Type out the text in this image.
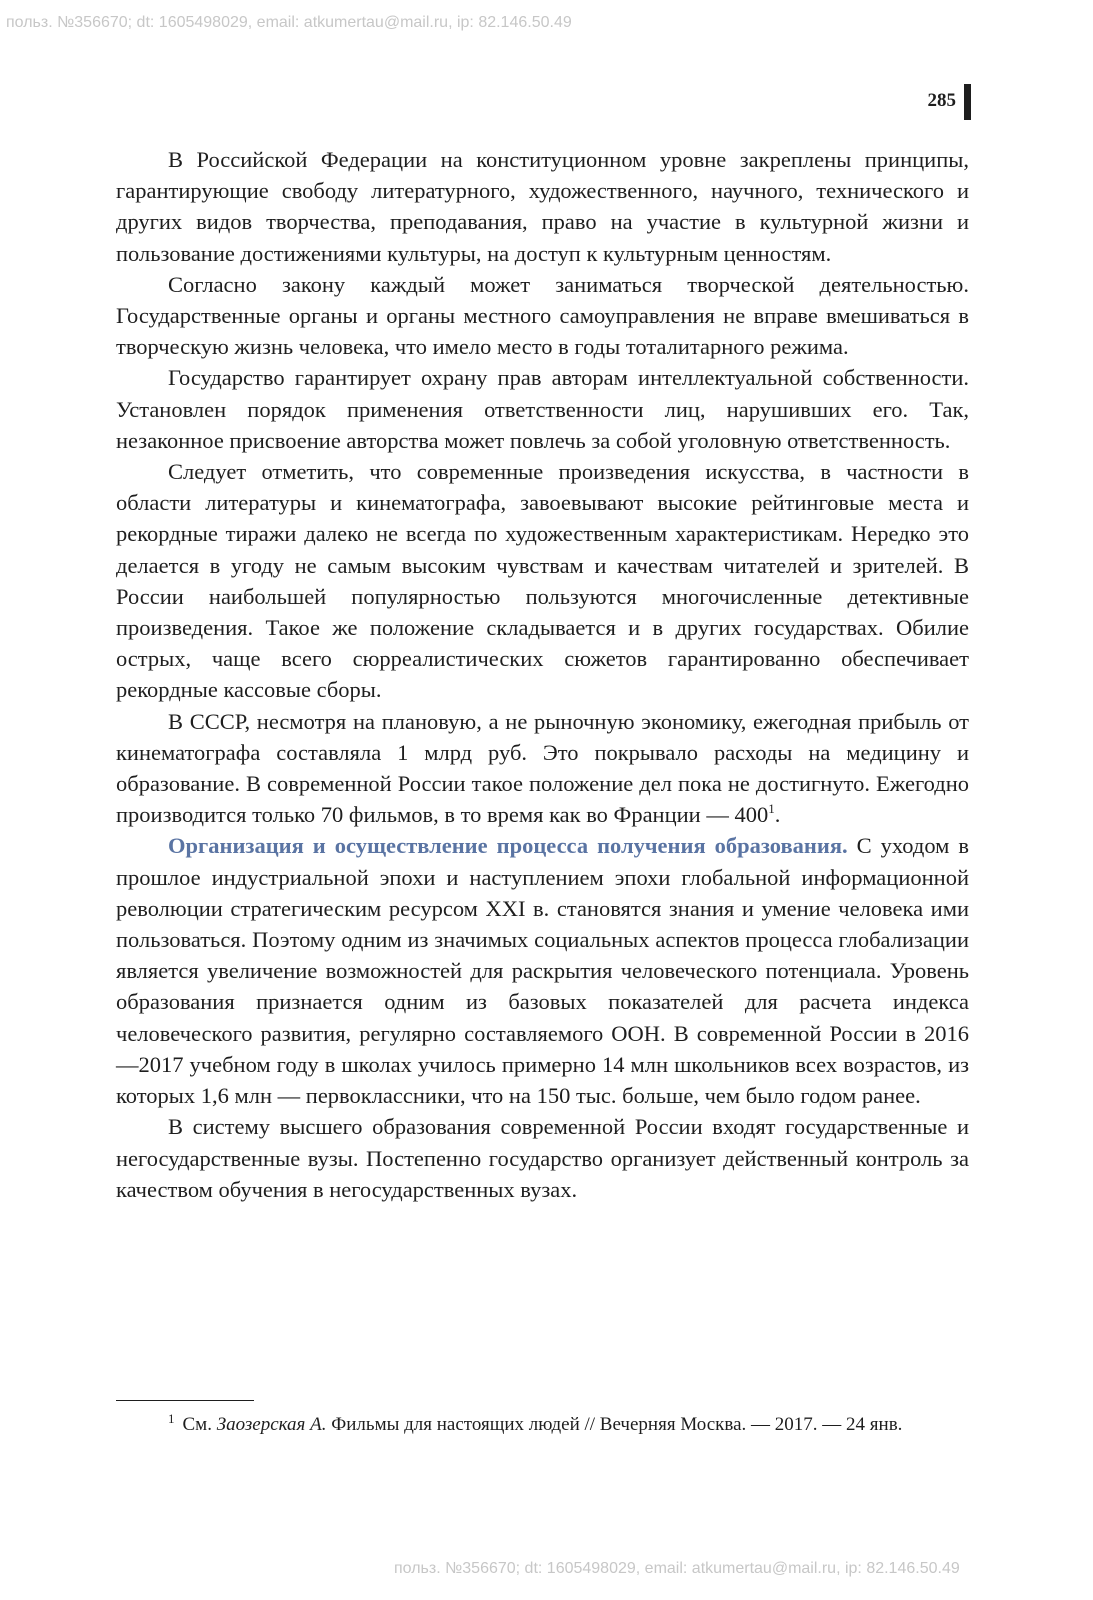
польз. №356670; dt: 1605498029, email: atkumertau@mail.ru, ip: 82.146.50.49
285

В Российской Федерации на конституционном уровне закреплены принципы, гарантирующие свободу литературного, художественного, научного, технического и других видов творчества, преподавания, право на участие в культурной жизни и пользование достижениями культуры, на доступ к культурным ценностям.

Согласно закону каждый может заниматься творческой деятельностью. Государственные органы и органы местного самоуправления не вправе вмешиваться в творческую жизнь человека, что имело место в годы тоталитарного режима.

Государство гарантирует охрану прав авторам интеллектуальной собственности. Установлен порядок применения ответственности лиц, нарушивших его. Так, незаконное присвоение авторства может повлечь за собой уголовную ответственность.

Следует отметить, что современные произведения искусства, в частности в области литературы и кинематографа, завоевывают высокие рейтинговые места и рекордные тиражи далеко не всегда по художественным характеристикам. Нередко это делается в угоду не самым высоким чувствам и качествам читателей и зрителей. В России наибольшей популярностью пользуются многочисленные детективные произведения. Такое же положение складывается и в других государствах. Обилие острых, чаще всего сюрреалистических сюжетов гарантированно обеспечивает рекордные кассовые сборы.

В СССР, несмотря на плановую, а не рыночную экономику, ежегодная прибыль от кинематографа составляла 1 млрд руб. Это покрывало расходы на медицину и образование. В современной России такое положение дел пока не достигнуто. Ежегодно производится только 70 фильмов, в то время как во Франции — $400^1$.

Организация и осуществление процесса получения образования. С уходом в прошлое индустриальной эпохи и наступлением эпохи глобальной информационной революции стратегическим ресурсом XXI в. становятся знания и умение человека ими пользоваться. Поэтому одним из значимых социальных аспектов процесса глобализации является увеличение возможностей для раскрытия человеческого потенциала. Уровень образования признается одним из базовых показателей для расчета индекса человеческого развития, регулярно составляемого ООН. В современной России в 2016—2017 учебном году в школах училось примерно 14 млн школьников всех возрастов, из которых 1,6 млн — первоклассники, что на 150 тыс. больше, чем было годом ранее.

В систему высшего образования современной России входят государственные и негосударственные вузы. Постепенно государство организует действенный контроль за качеством обучения в негосударственных вузах.

$^1$ См. Заозерская А. Фильмы для настоящих людей // Вечерняя Москва. — 2017. — 24 янв.
польз. №356670; dt: 1605498029, email: atkumertau@mail.ru, ip: 82.146.50.49
